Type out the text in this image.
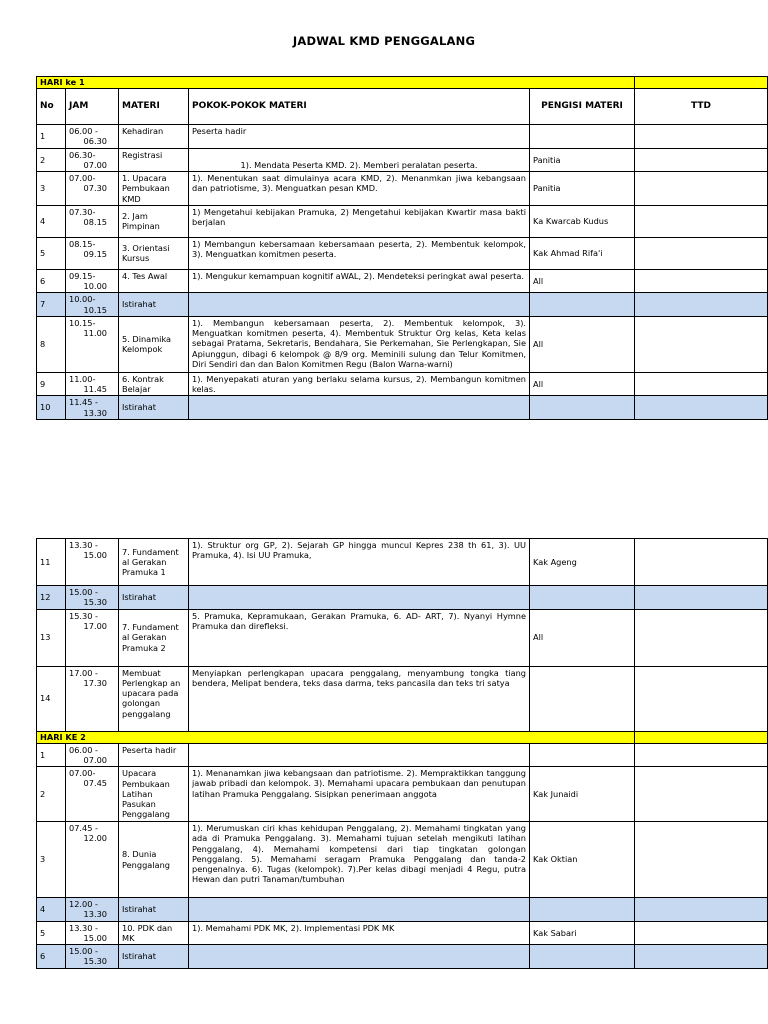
JADWAL KMD PENGGALANG
HARI ke 1					
No	JAM	MATERI	POKOK-POKOK MATERI	PENGISI MATERI	TTD
1	06.00 -
06.30	Kehadiran	Peserta hadir		
2	06.30-
07.00	Registrasi	1). Mendata Peserta KMD. 2). Memberi peralatan peserta.	Panitia	
3	07.00-
07.30	1. Upacara Pembukaan KMD	1). Menentukan saat dimulainya acara KMD, 2). Menanmkan jiwa kebangsaan dan patriotisme, 3). Menguatkan pesan KMD.	Panitia	
4	07.30-
08.15	2. Jam Pimpinan	1) Mengetahui kebijakan Pramuka, 2) Mengetahui kebijakan Kwartir masa bakti berjalan	Ka Kwarcab Kudus	
5	08.15-
09.15	3. Orientasi Kursus	1) Membangun kebersamaan kebersamaan peserta, 2). Membentuk kelompok, 3). Menguatkan komitmen peserta.	Kak Ahmad Rifa'i	
6	09.15-
10.00	4. Tes Awal	1). Mengukur kemampuan kognitif aWAL, 2). Mendeteksi peringkat awal peserta.	All	
7	10.00-
10.15	Istirahat			
8	10.15-
11.00	5. Dinamika Kelompok	1). Membangun kebersamaan peserta, 2). Membentuk kelompok, 3). Menguatkan komitmen peserta, 4). Membentuk Struktur Org kelas, Keta kelas sebagai Pratama, Sekretaris, Bendahara, Sie Perkemahan, Sie Perlengkapan, Sie Apiunggun, dibagi 6 kelompok @ 8/9 org. Meminili sulung dan Telur Komitmen, Diri Sendiri dan dan Balon Komitmen Regu (Balon Warna-warni)	All	
9	11.00-
11.45	6. Kontrak Belajar	1). Menyepakati aturan yang berlaku selama kursus, 2). Membangun komitmen kelas.	All	
10	11.45 -
13.30	Istirahat			
11	13.30 -
15.00	7. Fundament al Gerakan Pramuka 1	1). Struktur org GP, 2). Sejarah GP hingga muncul Kepres 238 th 61, 3). UU Pramuka, 4). Isi UU Pramuka,	Kak Ageng	
12	15.00 -
15.30	Istirahat			
13	15.30 -
17.00	7. Fundament al Gerakan Pramuka 2	5. Pramuka, Kepramukaan, Gerakan Pramuka, 6. AD- ART, 7). Nyanyi Hymne Pramuka dan direfleksi.	All	
14	17.00 -
17.30	Membuat Perlengkap an upacara pada golongan penggalang	Menyiapkan perlengkapan upacara penggalang, menyambung tongka tiang bendera, Melipat bendera, teks dasa darma, teks pancasila dan teks tri satya		
HARI KE 2					
1	06.00 -
07.00	Peserta hadir			
2	07.00-
07.45	Upacara Pembukaan Latihan Pasukan Penggalang	1). Menanamkan jiwa kebangsaan dan patriotisme. 2). Mempraktikkan tanggung jawab pribadi dan kelompok. 3). Memahami upacara pembukaan dan penutupan latihan Pramuka Penggalang. Sisipkan penerimaan anggota	Kak Junaidi	
3	07.45 -
12.00	8. Dunia Penggalang	1). Merumuskan ciri khas kehidupan Penggalang, 2). Memahami tingkatan yang ada di Pramuka Penggalang. 3). Memahami tujuan setelah mengikuti latihan Penggalang, 4). Memahami kompetensi dari tiap tingkatan golongan Penggalang. 5). Memahami seragam Pramuka Penggalang dan tanda-2 pengenalnya. 6). Tugas (kelompok). 7).Per kelas dibagi menjadi 4 Regu, putra Hewan dan putri Tanaman/tumbuhan	Kak Oktian	
4	12.00 -
13.30	Istirahat			
5	13.30 -
15.00	10. PDK dan MK	1). Memahami PDK MK, 2). Implementasi PDK MK	Kak Sabari	
6	15.00 -
15.30	Istirahat			
